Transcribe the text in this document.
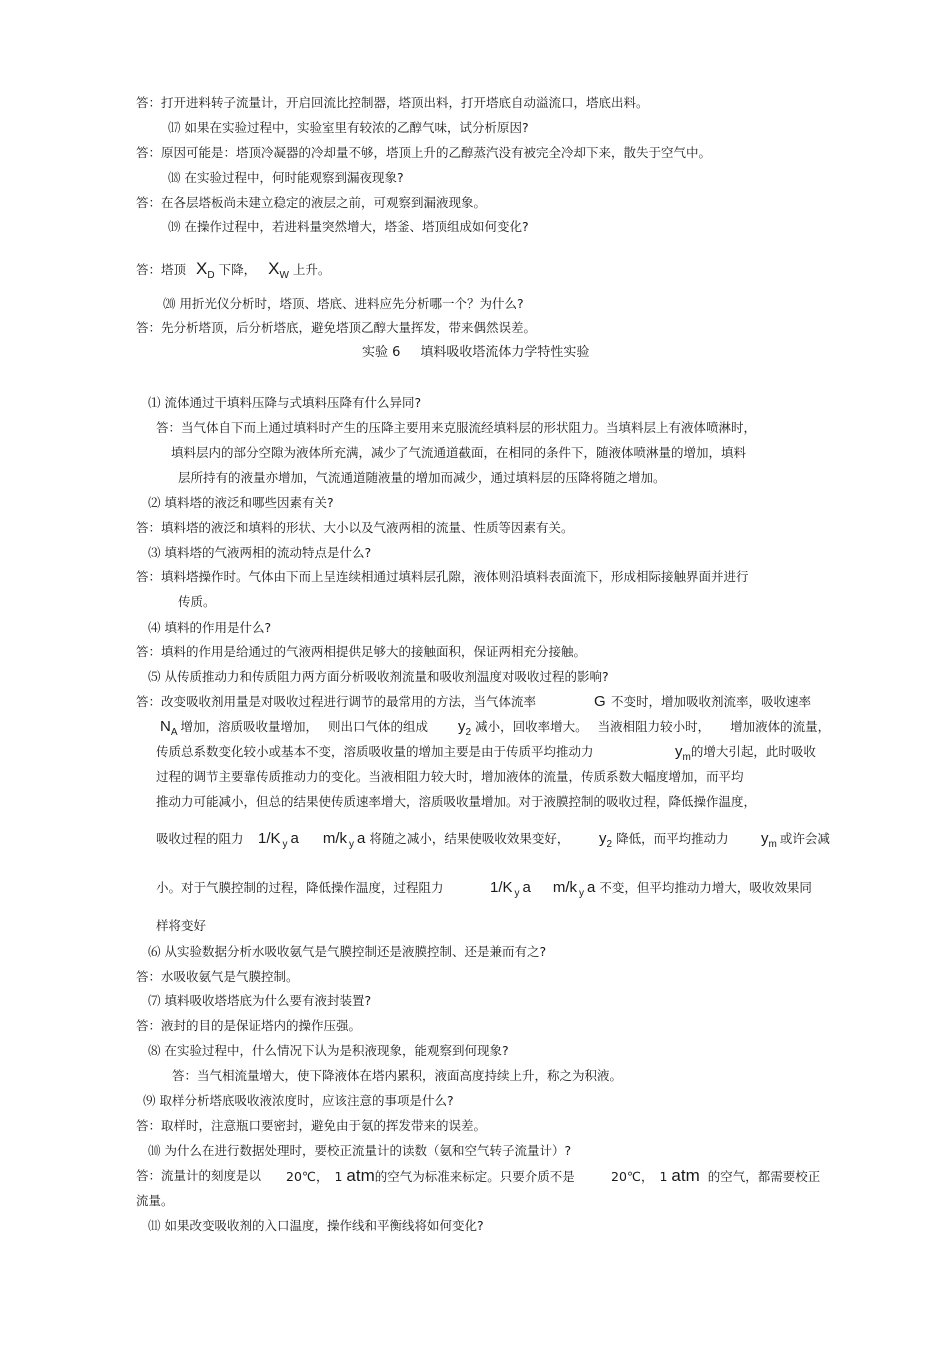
答：打开进料转子流量计，开启回流比控制器，塔顶出料，打开塔底自动溢流口，塔底出料。
⒄ 如果在实验过程中，实验室里有较浓的乙醇气味，试分析原因?
答：原因可能是：塔顶冷凝器的冷却量不够，塔顶上升的乙醇蒸汽没有被完全冷却下来，散失于空气中。
⒅ 在实验过程中，何时能观察到漏夜现象?
答：在各层塔板尚未建立稳定的液层之前，可观察到漏液现象。
⒆ 在操作过程中，若进料量突然增大，塔釜、塔顶组成如何变化?
答：塔顶 $X_D$ 下降， $X_W$ 上升。
⒇ 用折光仪分析时，塔顶、塔底、进料应先分析哪一个？为什么?
答：先分析塔顶，后分析塔底，避免塔顶乙醇大量挥发，带来偶然误差。
实验 6 填料吸收塔流体力学特性实验
⑴ 流体通过干填料压降与式填料压降有什么异同?
答：当气体自下而上通过填料时产生的压降主要用来克服流经填料层的形状阻力。当填料层上有液体喷淋时，
填料层内的部分空隙为液体所充满，减少了气流通道截面，在相同的条件下，随液体喷淋量的增加，填料
层所持有的液量亦增加，气流通道随液量的增加而减少，通过填料层的压降将随之增加。
⑵ 填料塔的液泛和哪些因素有关?
答：填料塔的液泛和填料的形状、大小以及气液两相的流量、性质等因素有关。
⑶ 填料塔的气液两相的流动特点是什么?
答：填料塔操作时。气体由下而上呈连续相通过填料层孔隙，液体则沿填料表面流下，形成相际接触界面并进行
传质。
⑷ 填料的作用是什么?
答：填料的作用是给通过的气液两相提供足够大的接触面积，保证两相充分接触。
⑸ 从传质推动力和传质阻力两方面分析吸收剂流量和吸收剂温度对吸收过程的影响?
答：改变吸收剂用量是对吸收过程进行调节的最常用的方法，当气体流率	G 不变时，增加吸收剂流率，吸收速率
$N_A$ 增加，溶质吸收量增加， 则出口气体的组成 $y_2$ 减小，回收率增大。 当液相阻力较小时， 增加液体的流量，
传质总系数变化较小或基本不变，溶质吸收量的增加主要是由于传质平均推动力	$y_m$的增大引起，此时吸收
过程的调节主要靠传质推动力的变化。当液相阻力较大时，增加液体的流量，传质系数大幅度增加，而平均
推动力可能减小，但总的结果使传质速率增大，溶质吸收量增加。对于液膜控制的吸收过程，降低操作温度，
吸收过程的阻力 1/K $_y$ a m/k $_y$ a 将随之减小，结果使吸收效果变好， $y_2$ 降低，而平均推动力 $y_m$ 或许会减
小。对于气膜控制的过程，降低操作温度，过程阻力	1/K $_y$ a m/k $_y$ a 不变，但平均推动力增大，吸收效果同
样将变好
⑹ 从实验数据分析水吸收氨气是气膜控制还是液膜控制、还是兼而有之?
答：水吸收氨气是气膜控制。
⑺ 填料吸收塔塔底为什么要有液封装置?
答：液封的目的是保证塔内的操作压强。
⑻ 在实验过程中，什么情况下认为是积液现象，能观察到何现象?
答：当气相流量增大，使下降液体在塔内累积，液面高度持续上升，称之为积液。
⑼ 取样分析塔底吸收液浓度时，应该注意的事项是什么?
答：取样时，注意瓶口要密封，避免由于氨的挥发带来的误差。
⑽ 为什么在进行数据处理时，要校正流量计的读数（氨和空气转子流量计）?
答：流量计的刻度是以 20℃， 1 atm的空气为标准来标定。只要介质不是	20℃， 1 atm 的空气，都需要校正
流量。
⑾ 如果改变吸收剂的入口温度，操作线和平衡线将如何变化?
